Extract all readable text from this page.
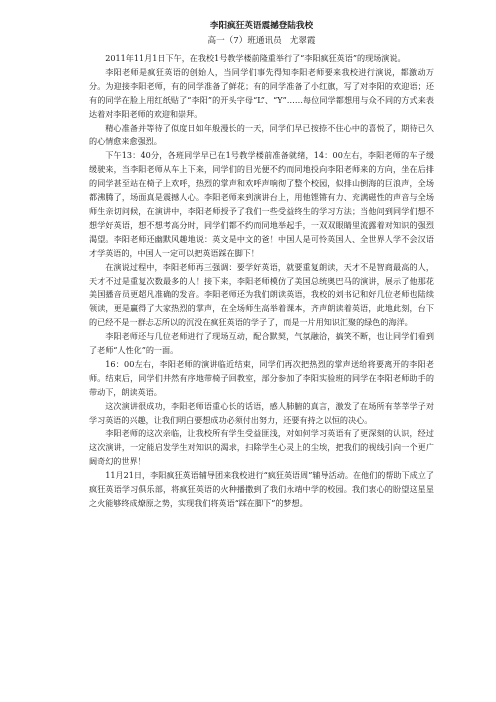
李阳疯狂英语震撼登陆我校
高一（7）班通讯员 尤翠霞

2011年11月1日下午，在我校1号教学楼前隆重举行了“李阳疯狂英语”的现场演说。

李阳老师是疯狂英语的创始人，当同学们事先得知李阳老师要来我校进行演说，都激动万分。为迎接李阳老师，有的同学准备了鲜花；有的同学准备了小红旗，写了对李阳的欢迎语；还有的同学在脸上用红纸贴了“李阳”的开头字母“L”、“Y”……每位同学都想用与众不同的方式来表达着对李阳老师的欢迎和崇拜。

精心准备并等待了似度日如年般漫长的一天，同学们早已按捺不住心中的喜悦了，期待已久的心情愈来愈强烈。

下午13：40分，各班同学早已在1号教学楼前准备就绪，14：00左右，李阳老师的车子缓缓驶来，当李阳老师从车上下来，同学们的目光便不约而同地投向李阳老师来的方向，坐在后排的同学甚至站在椅子上欢呼，热烈的掌声和欢呼声响彻了整个校园，似排山倒海的巨浪声，全场都沸腾了，场面真是震撼人心。李阳老师来到演讲台上，用他铿锵有力、充满磁性的声音与全场师生亲切问候，在演讲中，李阳老师授予了我们一些受益终生的学习方法；当他问到同学们想不想学好英语，想不想考高分时，同学们都不约而同地举起手，一双双眼睛里流露着对知识的强烈渴望。李阳老师还幽默风趣地说：英文是中文的爸！中国人是可怜英国人、全世界人学不会汉语才学英语的，中国人一定可以把英语踩在脚下！

在演说过程中，李阳老师再三强调：要学好英语，就要重复朗读，天才不是智商最高的人，天才不过是重复次数最多的人！接下来，李阳老师模仿了美国总统奥巴马的演讲，展示了他那花美国播音员更超凡准确的发音。李阳老师还为我们朗读英语，我校的刘书记和好几位老师也陆续领读，更是赢得了大家热烈的掌声，在全场师生高举着课本，齐声朗读着英语，此地此刻，台下的已经不是一群忐忑所以的沉没在疯狂英语的学子了，而是一片用知识汇聚的绿色的海洋。

李阳老师还与几位老师进行了现场互动，配合默契，气氛融洽，搞笑不断，也让同学们看到了老师“人性化”的一面。

16：00左右，李阳老师的演讲临近结束，同学们再次把热烈的掌声送给将要离开的李阳老师。结束后，同学们井然有序地带椅子回教室，部分参加了李阳实验班的同学在李阳老师助手的带动下，朗读英语。

这次演讲很成功，李阳老师语重心长的话语，感人肺腑的真言，激发了在场所有莘莘学子对学习英语的兴趣，让我们明白要想成功必须付出努力，还要有持之以恒的决心。

李阳老师的这次亲临，让我校所有学生受益匪浅，对如何学习英语有了更深刻的认识，经过这次演讲，一定能启发学生对知识的渴求，扫除学生心灵上的尘埃，把我们的视线引向一个更广阔奇幻的世界！

11月21日，李阳疯狂英语辅导团来我校进行“疯狂英语周”辅导活动。在他们的帮助下成立了疯狂英语学习俱乐部，将疯狂英语的火种播撒到了我们永靖中学的校园。我们衷心的盼望这星星之火能够终成燎原之势，实现我们将英语“踩在脚下”的梦想。
